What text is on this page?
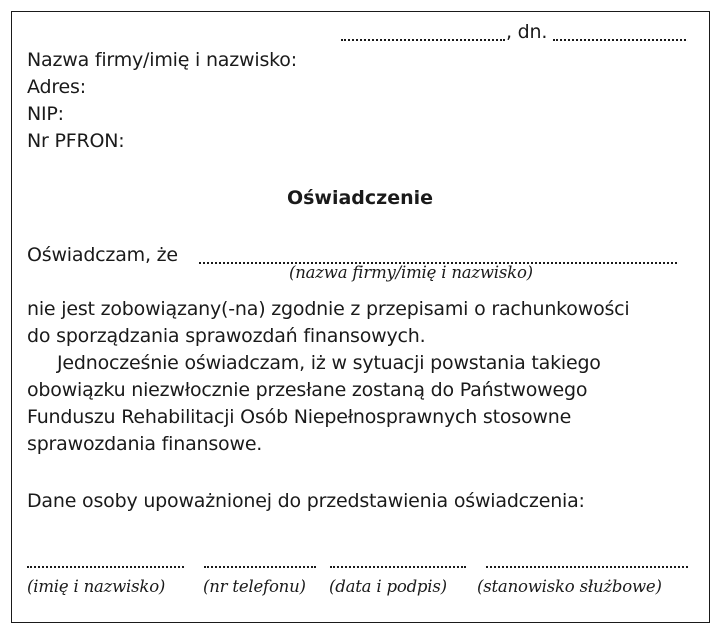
, dn.
Nazwa firmy/imię i nazwisko:
Adres:
NIP:
Nr PFRON:
Oświadczenie
Oświadczam, że
(nazwa firmy/imię i nazwisko)
nie jest zobowiązany(-na) zgodnie z przepisami o rachunkowości
do sporządzania sprawozdań finansowych.
Jednocześnie oświadczam, iż w sytuacji powstania takiego
obowiązku niezwłocznie przesłane zostaną do Państwowego
Funduszu Rehabilitacji Osób Niepełnosprawnych stosowne
sprawozdania finansowe.
Dane osoby upoważnionej do przedstawienia oświadczenia:
(imię i nazwisko) (nr telefonu) (data i podpis) (stanowisko służbowe)
